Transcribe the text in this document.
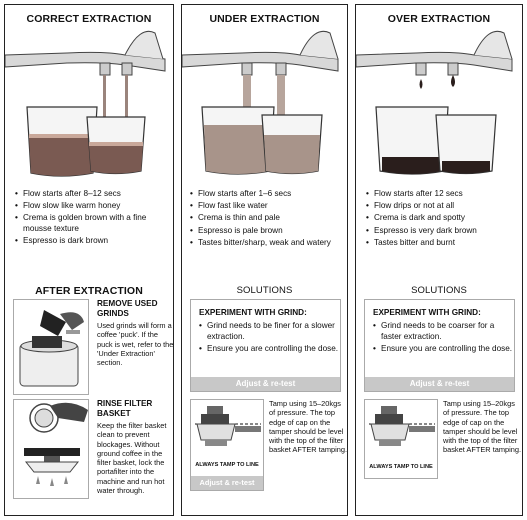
CORRECT EXTRACTION
• Flow starts after 8–12 secs
• Flow slow like warm honey
• Crema is golden brown with a fine mousse texture
• Espresso is dark brown
AFTER EXTRACTION
REMOVE USED GRINDS
Used grinds will form a coffee 'puck'. If the puck is wet, refer to the 'Under Extraction' section.
RINSE FILTER BASKET
Keep the filter basket clean to prevent blockages. Without ground coffee in the filter basket, lock the portafilter into the machine and run hot water through.
UNDER EXTRACTION
• Flow starts after 1–6 secs
• Flow fast like water
• Crema is thin and pale
• Espresso is pale brown
• Tastes bitter/sharp, weak and watery
SOLUTIONS
EXPERIMENT WITH GRIND:
• Grind needs to be finer for a slower extraction.
• Ensure you are controlling the dose.
Adjust & re-test
ALWAYS TAMP TO LINE
Adjust & re-test
Tamp using 15–20kgs of pressure. The top edge of cap on the tamper should be level with the top of the filter basket AFTER tamping.
OVER EXTRACTION
• Flow starts after 12 secs
• Flow drips or not at all
• Crema is dark and spotty
• Espresso is very dark brown
• Tastes bitter and burnt
SOLUTIONS
EXPERIMENT WITH GRIND:
• Grind needs to be coarser for a faster extraction.
• Ensure you are controlling the dose.
Adjust & re-test
ALWAYS TAMP TO LINE
Tamp using 15–20kgs of pressure. The top edge of cap on the tamper should be level with the top of the filter basket AFTER tamping.
